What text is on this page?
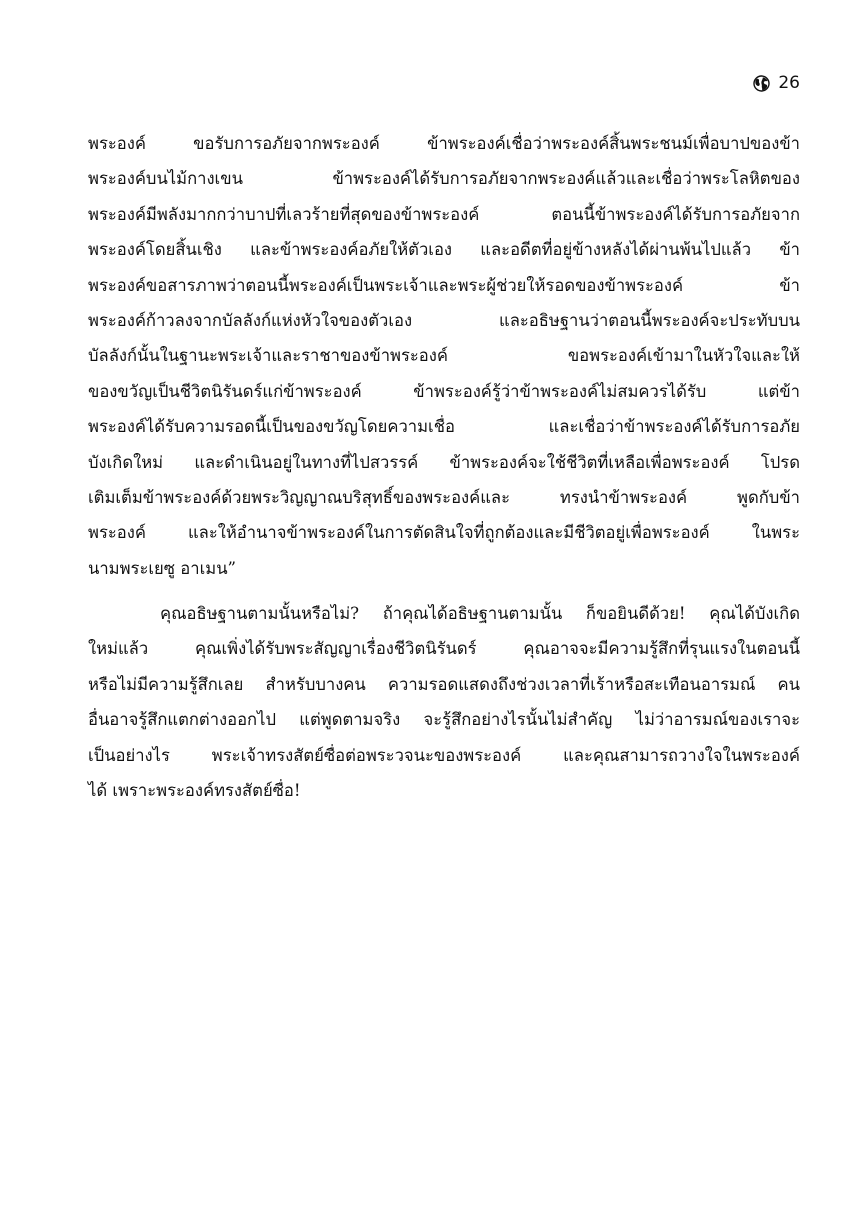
26
พระองค์ ขอรับการอภัยจากพระองค์ ข้าพระองค์เชื่อว่าพระองค์สิ้นพระชนม์เพื่อบาปของข้า
พระองค์บนไม้กางเขน ข้าพระองค์ได้รับการอภัยจากพระองค์แล้วและเชื่อว่าพระโลหิตของ
พระองค์มีพลังมากกว่าบาปที่เลวร้ายที่สุดของข้าพระองค์ ตอนนี้ข้าพระองค์ได้รับการอภัยจาก
พระองค์โดยสิ้นเชิง และข้าพระองค์อภัยให้ตัวเอง และอดีตที่อยู่ข้างหลังได้ผ่านพ้นไปแล้ว ข้า
พระองค์ขอสารภาพว่าตอนนี้พระองค์เป็นพระเจ้าและพระผู้ช่วยให้รอดของข้าพระองค์ ข้า
พระองค์ก้าวลงจากบัลลังก์แห่งหัวใจของตัวเอง และอธิษฐานว่าตอนนี้พระองค์จะประทับบน
บัลลังก์นั้นในฐานะพระเจ้าและราชาของข้าพระองค์ ขอพระองค์เข้ามาในหัวใจและให้
ของขวัญเป็นชีวิตนิรันดร์แก่ข้าพระองค์ ข้าพระองค์รู้ว่าข้าพระองค์ไม่สมควรได้รับ แต่ข้า
พระองค์ได้รับความรอดนี้เป็นของขวัญโดยความเชื่อ และเชื่อว่าข้าพระองค์ได้รับการอภัย
บังเกิดใหม่ และดำเนินอยู่ในทางที่ไปสวรรค์ ข้าพระองค์จะใช้ชีวิตที่เหลือเพื่อพระองค์ โปรด
เติมเต็มข้าพระองค์ด้วยพระวิญญาณบริสุทธิ์ของพระองค์และ ทรงนำข้าพระองค์ พูดกับข้า
พระองค์ และให้อำนาจข้าพระองค์ในการตัดสินใจที่ถูกต้องและมีชีวิตอยู่เพื่อพระองค์ ในพระ
นามพระเยซู อาเมน”
คุณอธิษฐานตามนั้นหรือไม่? ถ้าคุณได้อธิษฐานตามนั้น ก็ขอยินดีด้วย! คุณได้บังเกิด
ใหม่แล้ว คุณเพิ่งได้รับพระสัญญาเรื่องชีวิตนิรันดร์ คุณอาจจะมีความรู้สึกที่รุนแรงในตอนนี้
หรือไม่มีความรู้สึกเลย สำหรับบางคน ความรอดแสดงถึงช่วงเวลาที่เร้าหรือสะเทือนอารมณ์ คน
อื่นอาจรู้สึกแตกต่างออกไป แต่พูดตามจริง จะรู้สึกอย่างไรนั้นไม่สำคัญ ไม่ว่าอารมณ์ของเราจะ
เป็นอย่างไร พระเจ้าทรงสัตย์ซื่อต่อพระวจนะของพระองค์ และคุณสามารถวางใจในพระองค์
ได้ เพราะพระองค์ทรงสัตย์ซื่อ!
